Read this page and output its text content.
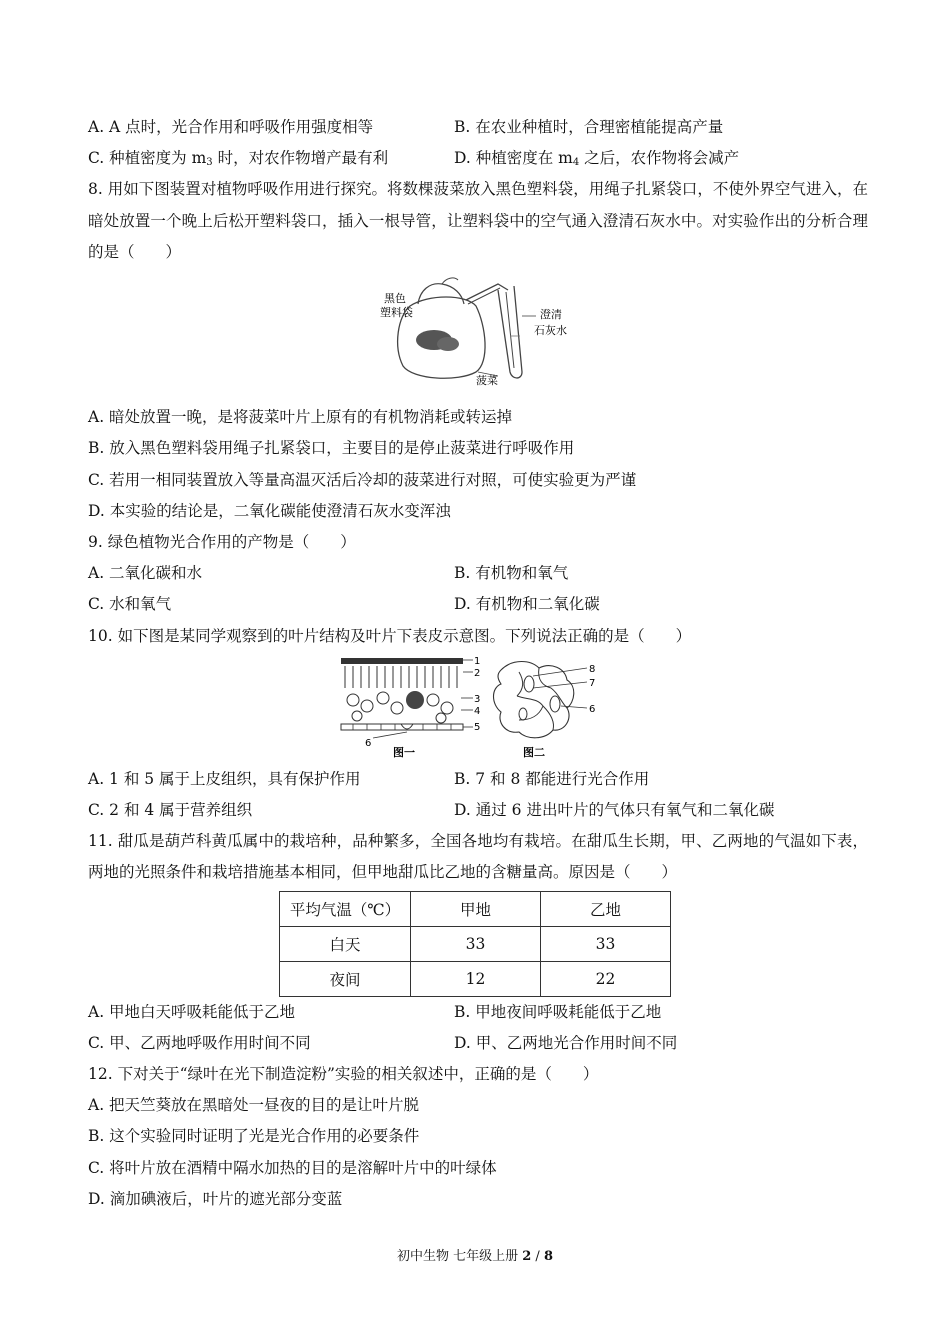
A. A 点时，光合作用和呼吸作用强度相等	B. 在农业种植时，合理密植能提高产量
C. 种植密度为 $m_3$ 时，对农作物增产最有利	D. 种植密度在 $m_4$ 之后，农作物将会减产
8. 用如下图装置对植物呼吸作用进行探究。将数棵菠菜放入黑色塑料袋，用绳子扎紧袋口，不使外界空气进入，在暗处放置一个晚上后松开塑料袋口，插入一根导管，让塑料袋中的空气通入澄清石灰水中。对实验作出的分析合理的是（　　）
黑色
塑料袋	澄清
石灰水
菠菜
A. 暗处放置一晚，是将菠菜叶片上原有的有机物消耗或转运掉
B. 放入黑色塑料袋用绳子扎紧袋口，主要目的是停止菠菜进行呼吸作用
C. 若用一相同装置放入等量高温灭活后冷却的菠菜进行对照，可使实验更为严谨
D. 本实验的结论是，二氧化碳能使澄清石灰水变浑浊
9. 绿色植物光合作用的产物是（　　）
A. 二氧化碳和水	B. 有机物和氧气
C. 水和氧气	D. 有机物和二氧化碳
10. 如下图是某同学观察到的叶片结构及叶片下表皮示意图。下列说法正确的是（　　）
1
2
3
4
5
6
图一
8
7
6
图二
A. 1 和 5 属于上皮组织，具有保护作用	B. 7 和 8 都能进行光合作用
C. 2 和 4 属于营养组织	D. 通过 6 进出叶片的气体只有氧气和二氧化碳
11. 甜瓜是葫芦科黄瓜属中的栽培种，品种繁多，全国各地均有栽培。在甜瓜生长期，甲、乙两地的气温如下表，两地的光照条件和栽培措施基本相同，但甲地甜瓜比乙地的含糖量高。原因是（　　）
平均气温（℃）	甲地	乙地
白天	33	33
夜间	12	22
A. 甲地白天呼吸耗能低于乙地	B. 甲地夜间呼吸耗能低于乙地
C. 甲、乙两地呼吸作用时间不同	D. 甲、乙两地光合作用时间不同
12. 下对关于“绿叶在光下制造淀粉”实验的相关叙述中，正确的是（　　）
A. 把天竺葵放在黑暗处一昼夜的目的是让叶片脱
B. 这个实验同时证明了光是光合作用的必要条件
C. 将叶片放在酒精中隔水加热的目的是溶解叶片中的叶绿体
D. 滴加碘液后，叶片的遮光部分变蓝
初中生物 七年级上册 2 / 8
